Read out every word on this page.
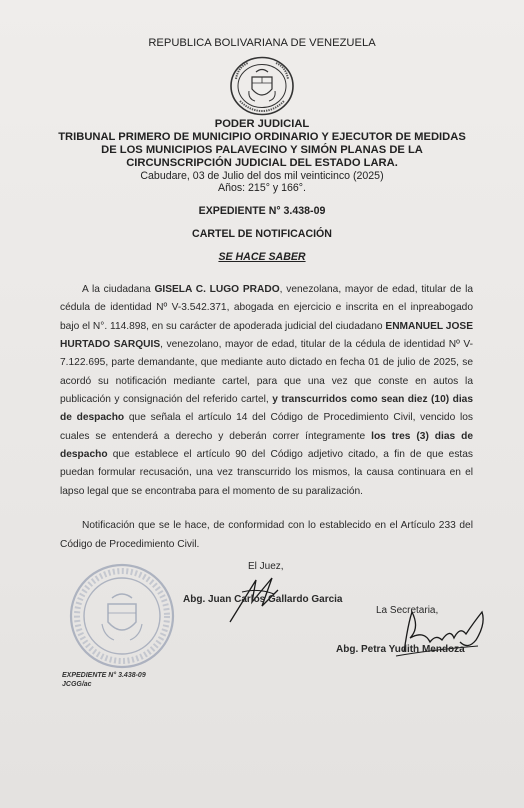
REPUBLICA BOLIVARIANA DE VENEZUELA
PODER JUDICIAL
TRIBUNAL PRIMERO DE MUNICIPIO ORDINARIO Y EJECUTOR DE MEDIDAS
DE LOS MUNICIPIOS PALAVECINO Y SIMÓN PLANAS DE LA
CIRCUNSCRIPCIÓN JUDICIAL DEL ESTADO LARA.
Cabudare, 03 de Julio del dos mil veinticinco (2025)
Años: 215° y 166°.
EXPEDIENTE N° 3.438-09
CARTEL DE NOTIFICACIÓN
SE HACE SABER

A la ciudadana GISELA C. LUGO PRADO, venezolana, mayor de edad, titular de la cédula de identidad Nº V-3.542.371, abogada en ejercicio e inscrita en el inpreabogado bajo el N°. 114.898, en su carácter de apoderada judicial del ciudadano ENMANUEL JOSE HURTADO SARQUIS, venezolano, mayor de edad, titular de la cédula de identidad Nº V-7.122.695, parte demandante, que mediante auto dictado en fecha 01 de julio de 2025, se acordó su notificación mediante cartel, para que una vez que conste en autos la publicación y consignación del referido cartel, y transcurridos como sean diez (10) dias de despacho que señala el artículo 14 del Código de Procedimiento Civil, vencido los cuales se entenderá a derecho y deberán correr íntegramente los tres (3) dias de despacho que establece el artículo 90 del Código adjetivo citado, a fin de que estas puedan formular recusación, una vez transcurrido los mismos, la causa continuara en el lapso legal que se encontraba para el momento de su paralización.

Notificación que se le hace, de conformidad con lo establecido en el Artículo 233 del Código de Procedimiento Civil.

El Juez,
Abg. Juan Carlos Gallardo Garcia
La Secretaria,
Abg. Petra Yudith Mendoza
EXPEDIENTE N° 3.438-09
JCGG/ac
